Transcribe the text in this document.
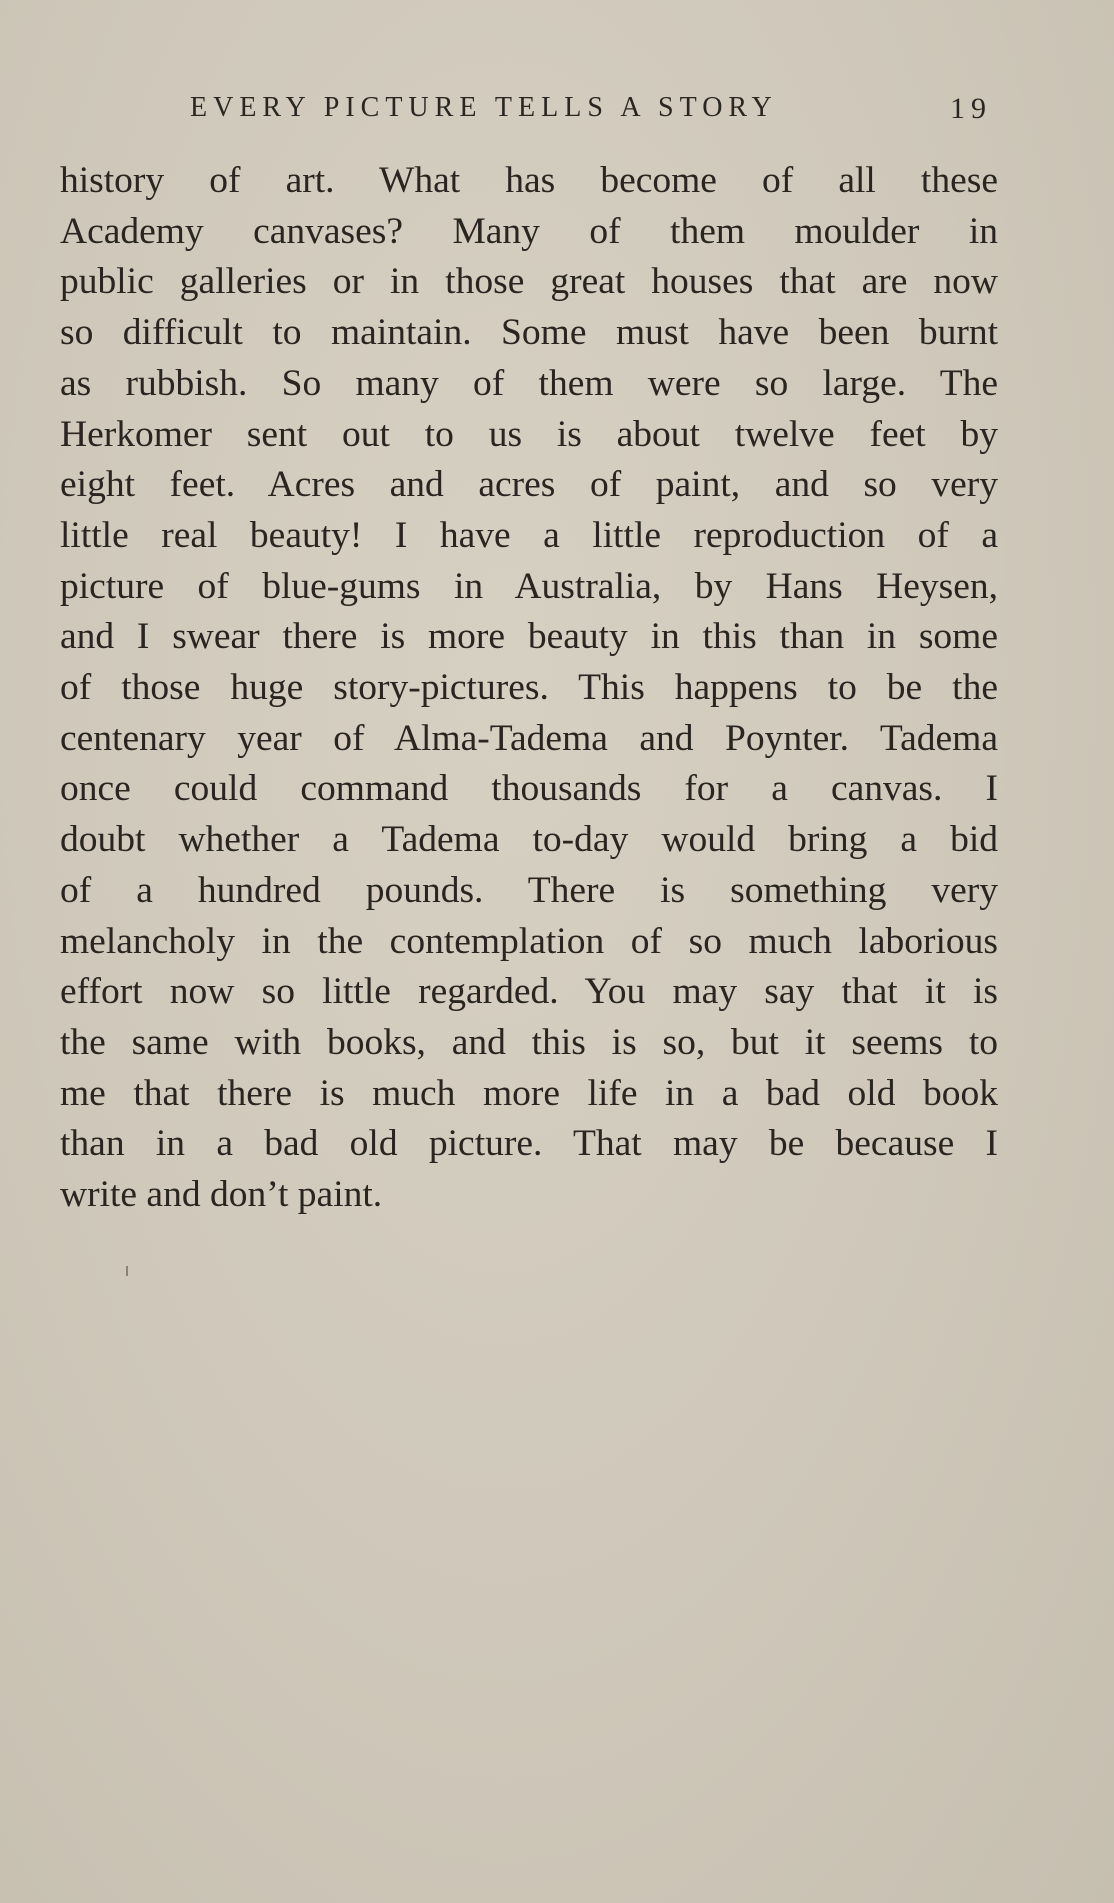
EVERY PICTURE TELLS A STORY	19
history of art. What has become of all these
Academy canvases? Many of them moulder in
public galleries or in those great houses that are now
so difficult to maintain. Some must have been burnt
as rubbish. So many of them were so large. The
Herkomer sent out to us is about twelve feet by
eight feet. Acres and acres of paint, and so very
little real beauty! I have a little reproduction of a
picture of blue-gums in Australia, by Hans Heysen,
and I swear there is more beauty in this than in some
of those huge story-pictures. This happens to be the
centenary year of Alma-Tadema and Poynter. Tadema
once could command thousands for a canvas. I
doubt whether a Tadema to-day would bring a bid
of a hundred pounds. There is something very
melancholy in the contemplation of so much laborious
effort now so little regarded. You may say that it is
the same with books, and this is so, but it seems to
me that there is much more life in a bad old book
than in a bad old picture. That may be because I
write and don’t paint.
